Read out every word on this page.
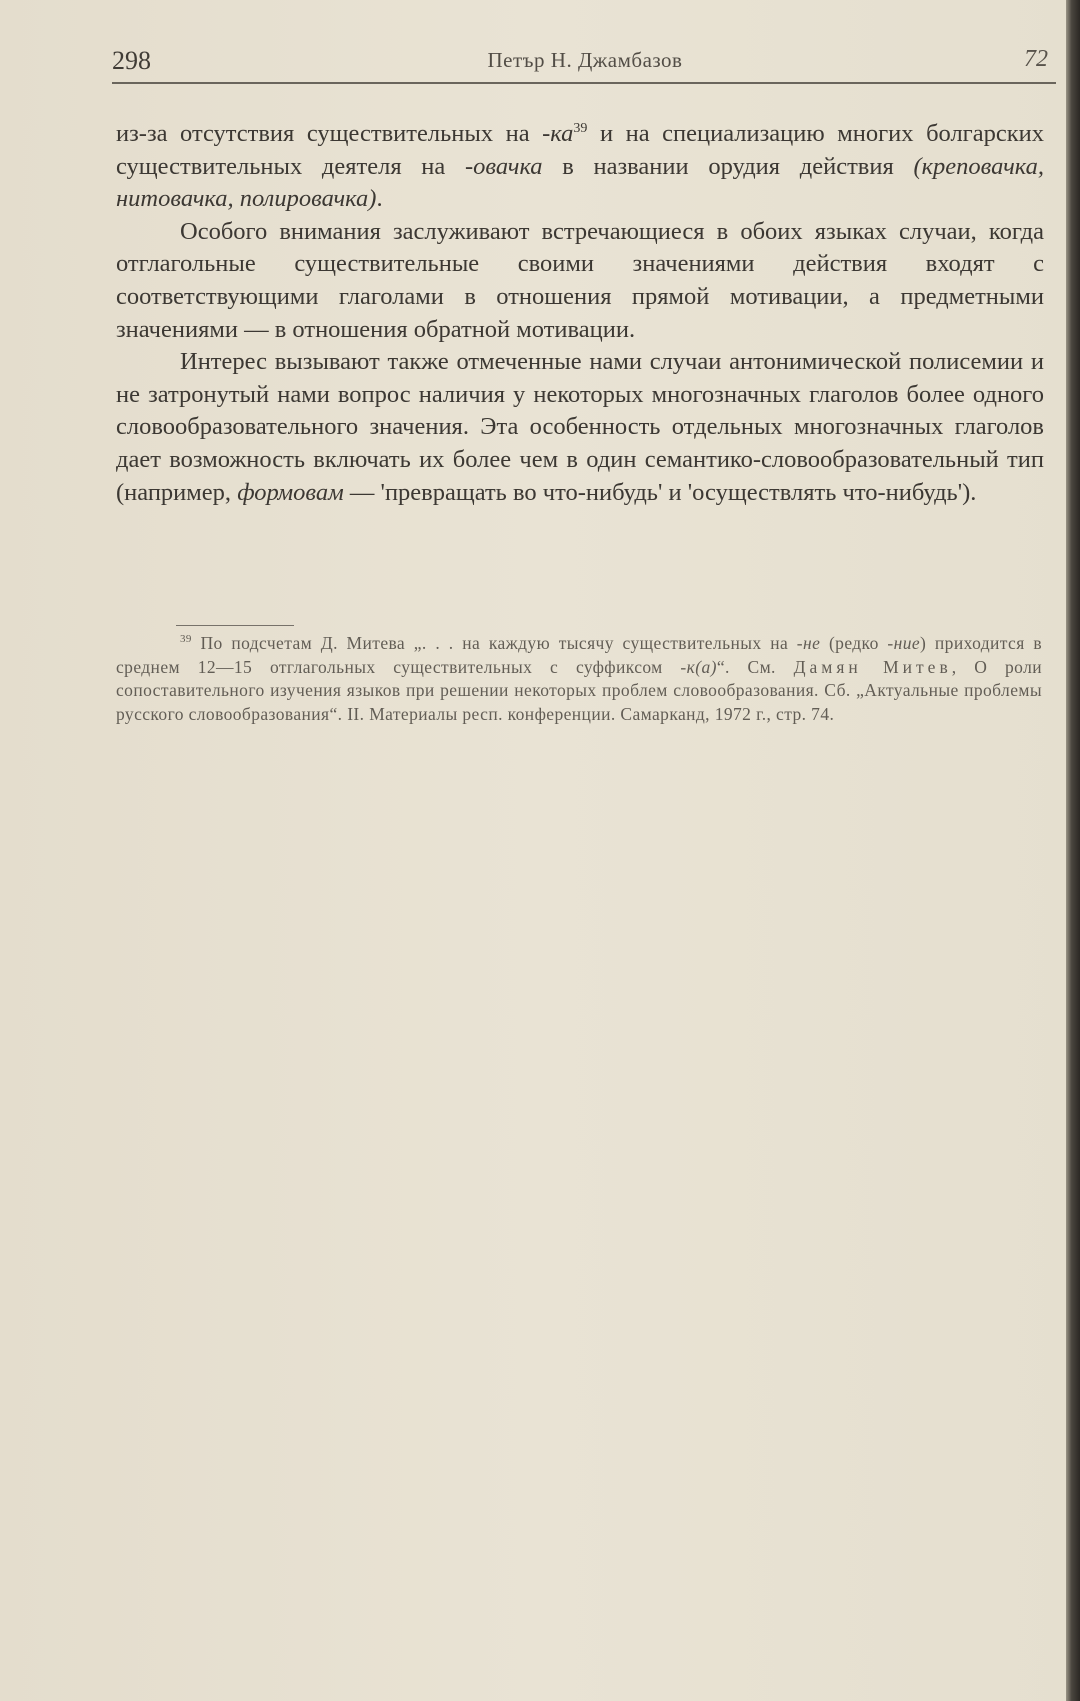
298	Петър Н. Джамбазов	72

из-за отсутствия существительных на $-ка^{39}$ и на специализацию многих болгарских существительных деятеля на -овачка в названии орудия действия (креповачка, нитовачка, полировачка).

Особого внимания заслуживают встречающиеся в обоих языках случаи, когда отглагольные существительные своими значениями действия входят с соответствующими глаголами в отношения прямой мотивации, а предметными значениями — в отношения обратной мотивации.

Интерес вызывают также отмеченные нами случаи антонимической полисемии и не затронутый нами вопрос наличия у некоторых многозначных глаголов более одного словообразовательного значения. Эта особенность отдельных многозначных глаголов дает возможность включать их более чем в один семантико-словообразовательный тип (например, формовам — 'превращать во что-нибудь' и 'осуществлять что-нибудь').

$^{39}$ По подсчетам Д. Митева „. . . на каждую тысячу существительных на -не (редко -ние) приходится в среднем 12—15 отглагольных существительных с суффиксом -к(а)“. См. Дамян Митев, О роли сопоставительного изучения языков при решении некоторых проблем словообразования. Сб. „Актуальные проблемы русского словообразования“. II. Материалы респ. конференции. Самарканд, 1972 г., стр. 74.
